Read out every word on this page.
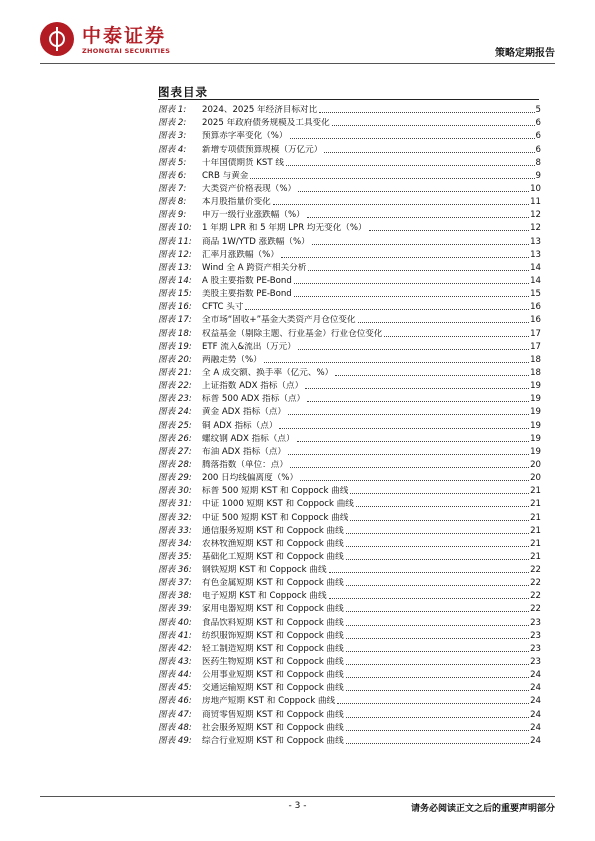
中泰证券
ZHONGTAI SECURITIES	策略定期报告
图表目录
图表 1:	2024、2025 年经济目标对比	5
图表 2:	2025 年政府债务规模及工具变化	6
图表 3:	预算赤字率变化（%）	6
图表 4:	新增专项债预算规模（万亿元）	6
图表 5:	十年国债期货 KST 线	8
图表 6:	CRB 与黄金	9
图表 7:	大类资产价格表现（%）	10
图表 8:	本月股指量价变化	11
图表 9:	申万一级行业涨跌幅（%）	12
图表 10:	1 年期 LPR 和 5 年期 LPR 均无变化（%）	12
图表 11:	商品 1W/YTD 涨跌幅（%）	13
图表 12:	汇率月涨跌幅（%）	13
图表 13:	Wind 全 A 跨资产相关分析	14
图表 14:	A 股主要指数 PE-Bond	14
图表 15:	美股主要指数 PE-Bond	15
图表 16:	CFTC 头寸	16
图表 17:	全市场“固收+”基金大类资产月仓位变化	16
图表 18:	权益基金（剔除主题、行业基金）行业仓位变化	17
图表 19:	ETF 流入&流出（万元）	17
图表 20:	两融走势（%）	18
图表 21:	全 A 成交额、换手率（亿元、%）	18
图表 22:	上证指数 ADX 指标（点）	19
图表 23:	标普 500 ADX 指标（点）	19
图表 24:	黄金 ADX 指标（点）	19
图表 25:	铜 ADX 指标（点）	19
图表 26:	螺纹钢 ADX 指标（点）	19
图表 27:	布油 ADX 指标（点）	19
图表 28:	腾落指数（单位：点）	20
图表 29:	200 日均线偏离度（%）	20
图表 30:	标普 500 短期 KST 和 Coppock 曲线	21
图表 31:	中证 1000 短期 KST 和 Coppock 曲线	21
图表 32:	中证 500 短期 KST 和 Coppock 曲线	21
图表 33:	通信服务短期 KST 和 Coppock 曲线	21
图表 34:	农林牧渔短期 KST 和 Coppock 曲线	21
图表 35:	基础化工短期 KST 和 Coppock 曲线	21
图表 36:	钢铁短期 KST 和 Coppock 曲线	22
图表 37:	有色金属短期 KST 和 Coppock 曲线	22
图表 38:	电子短期 KST 和 Coppock 曲线	22
图表 39:	家用电器短期 KST 和 Coppock 曲线	22
图表 40:	食品饮料短期 KST 和 Coppock 曲线	23
图表 41:	纺织服饰短期 KST 和 Coppock 曲线	23
图表 42:	轻工制造短期 KST 和 Coppock 曲线	23
图表 43:	医药生物短期 KST 和 Coppock 曲线	23
图表 44:	公用事业短期 KST 和 Coppock 曲线	24
图表 45:	交通运输短期 KST 和 Coppock 曲线	24
图表 46:	房地产短期 KST 和 Coppock 曲线	24
图表 47:	商贸零售短期 KST 和 Coppock 曲线	24
图表 48:	社会服务短期 KST 和 Coppock 曲线	24
图表 49:	综合行业短期 KST 和 Coppock 曲线	24
- 3 -	请务必阅读正文之后的重要声明部分
